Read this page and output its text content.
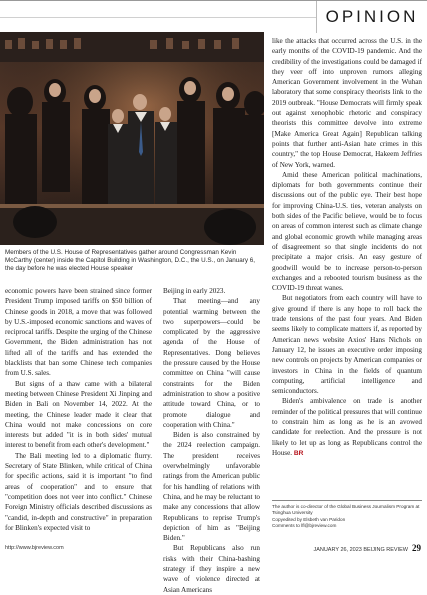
OPINION
Members of the U.S. House of Representatives gather around Congressman Kevin McCarthy (center) inside the Capitol Building in Washington, D.C., the U.S., on January 6, the day before he was elected House speaker

economic powers have been strained since former President Trump imposed tariffs on $50 billion of Chinese goods in 2018, a move that was followed by U.S.-imposed economic sanctions and waves of reciprocal tariffs. Despite the urging of the Chinese Government, the Biden administration has not lifted all of the tariffs and has extended the blacklists that ban some Chinese tech companies from U.S. sales.

But signs of a thaw came with a bilateral meeting between Chinese President Xi Jinping and Biden in Bali on November 14, 2022. At the meeting, the Chinese leader made it clear that China would not make concessions on core interests but added "it is in both sides' mutual interest to benefit from each other's development."

The Bali meeting led to a diplomatic flurry. Secretary of State Blinken, while critical of China for specific actions, said it is important "to find areas of cooperation" and to ensure that "competition does not veer into conflict." Chinese Foreign Ministry officials described discussions as "candid, in-depth and constructive" in preparation for Blinken's expected visit to

Beijing in early 2023.

That meeting—and any potential warming between the two superpowers—could be complicated by the aggressive agenda of the House of Representatives. Dong believes the pressure caused by the House committee on China "will cause constraints for the Biden administration to show a positive attitude toward China, or to promote dialogue and cooperation with China."

Biden is also constrained by the 2024 reelection campaign. The president receives overwhelmingly unfavorable ratings from the American public for his handling of relations with China, and he may be reluctant to make any concessions that allow Republicans to reprise Trump's depiction of him as "Beijing Biden."

But Republicans also run risks with their China-bashing strategy if they inspire a new wave of violence directed at Asian Americans

like the attacks that occurred across the U.S. in the early months of the COVID-19 pandemic. And the credibility of the investigations could be damaged if they veer off into unproven rumors alleging American Government involvement in the Wuhan laboratory that some conspiracy theorists link to the 2019 outbreak. "House Democrats will firmly speak out against xenophobic rhetoric and conspiracy theorists this committee devolve into extreme [Make America Great Again] Republican talking points that further anti-Asian hate crimes in this country," the top House Democrat, Hakeem Jeffries of New York, warned.

Amid these American political machinations, diplomats for both governments continue their discussions out of the public eye. Their best hope for improving China-U.S. ties, veteran analysts on both sides of the Pacific believe, would be to focus on areas of common interest such as climate change and global economic growth while managing areas of disagreement so that single incidents do not precipitate a major crisis. An easy gesture of goodwill would be to increase person-to-person exchanges and a rebooted tourism business as the COVID-19 threat wanes.

But negotiators from each country will have to give ground if there is any hope to roll back the trade tensions of the past four years. And Biden seems likely to complicate matters if, as reported by American news website Axios' Hans Nichols on January 12, he issues an executive order imposing new controls on projects by American companies or investors in China in the fields of quantum computing, artificial intelligence and semiconductors.

Biden's ambivalence on trade is another reminder of the political pressures that will continue to constrain him as long as he is an avowed candidate for reelection. And the pressure is not likely to let up as long as Republicans control the House. BR

The author is co-director of the Global Business Journalism Program at Tsinghua University
Copyedited by Elsbeth van Paridon
Comments to lfl@bjreview.com
http://www.bjreview.com	JANUARY 26, 2023 BEIJING REVIEW 29
